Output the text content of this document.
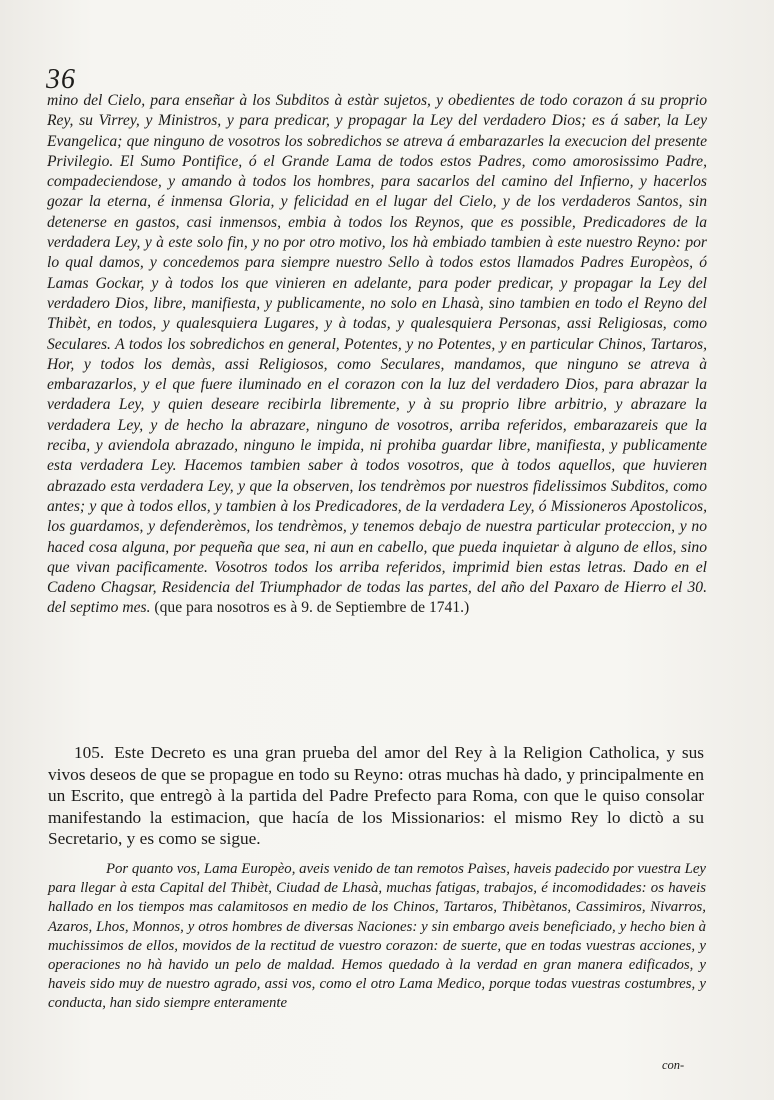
36
mino del Cielo, para enseñar à los Subditos à estàr sujetos, y obedientes de todo corazon á su proprio Rey, su Virrey, y Ministros, y para predicar, y propagar la Ley del verdadero Dios; es á saber, la Ley Evangelica; que ninguno de vosotros los sobredichos se atreva á embarazarles la execucion del presente Privilegio. El Sumo Pontifice, ó el Grande Lama de todos estos Padres, como amorosissimo Padre, compadeciendose, y amando à todos los hombres, para sacarlos del camino del Infierno, y hacerlos gozar la eterna, é inmensa Gloria, y felicidad en el lugar del Cielo, y de los verdaderos Santos, sin detenerse en gastos, casi inmensos, embia à todos los Reynos, que es possible, Predicadores de la verdadera Ley, y à este solo fin, y no por otro motivo, los hà embiado tambien à este nuestro Reyno: por lo qual damos, y concedemos para siempre nuestro Sello à todos estos llamados Padres Europèos, ó Lamas Gockar, y à todos los que vinieren en adelante, para poder predicar, y propagar la Ley del verdadero Dios, libre, manifiesta, y publicamente, no solo en Lhasà, sino tambien en todo el Reyno del Thibèt, en todos, y qualesquiera Lugares, y à todas, y qualesquiera Personas, assi Religiosas, como Seculares. A todos los sobredichos en general, Potentes, y no Potentes, y en particular Chinos, Tartaros, Hor, y todos los demàs, assi Religiosos, como Seculares, mandamos, que ninguno se atreva à embarazarlos, y el que fuere iluminado en el corazon con la luz del verdadero Dios, para abrazar la verdadera Ley, y quien deseare recibirla libremente, y à su proprio libre arbitrio, y abrazare la verdadera Ley, y de hecho la abrazare, ninguno de vosotros, arriba referidos, embarazareis que la reciba, y aviendola abrazado, ninguno le impida, ni prohiba guardar libre, manifiesta, y publicamente esta verdadera Ley. Hacemos tambien saber à todos vosotros, que à todos aquellos, que huvieren abrazado esta verdadera Ley, y que la observen, los tendrèmos por nuestros fidelissimos Subditos, como antes; y que à todos ellos, y tambien à los Predicadores, de la verdadera Ley, ó Missioneros Apostolicos, los guardamos, y defenderèmos, los tendrèmos, y tenemos debajo de nuestra particular proteccion, y no haced cosa alguna, por pequeña que sea, ni aun en cabello, que pueda inquietar à alguno de ellos, sino que vivan pacificamente. Vosotros todos los arriba referidos, imprimid bien estas letras. Dado en el Cadeno Chagsar, Residencia del Triumphador de todas las partes, del año del Paxaro de Hierro el 30. del septimo mes. (que para nosotros es à 9. de Septiembre de 1741.)
105. Este Decreto es una gran prueba del amor del Rey à la Religion Catholica, y sus vivos deseos de que se propague en todo su Reyno: otras muchas hà dado, y principalmente en un Escrito, que entregò à la partida del Padre Prefecto para Roma, con que le quiso consolar manifestando la estimacion, que hacía de los Missionarios: el mismo Rey lo dictò a su Secretario, y es como se sigue.
Por quanto vos, Lama Europèo, aveis venido de tan remotos Paìses, haveis padecido por vuestra Ley para llegar à esta Capital del Thibèt, Ciudad de Lhasà, muchas fatigas, trabajos, é incomodidades: os haveis hallado en los tiempos mas calamitosos en medio de los Chinos, Tartaros, Thibètanos, Cassimiros, Nivarros, Azaros, Lhos, Monnos, y otros hombres de diversas Naciones: y sin embargo aveis beneficiado, y hecho bien à muchissimos de ellos, movidos de la rectitud de vuestro corazon: de suerte, que en todas vuestras acciones, y operaciones no hà havido un pelo de maldad. Hemos quedado à la verdad en gran manera edificados, y haveis sido muy de nuestro agrado, assi vos, como el otro Lama Medico, porque todas vuestras costumbres, y conducta, han sido siempre enteramente
con-
